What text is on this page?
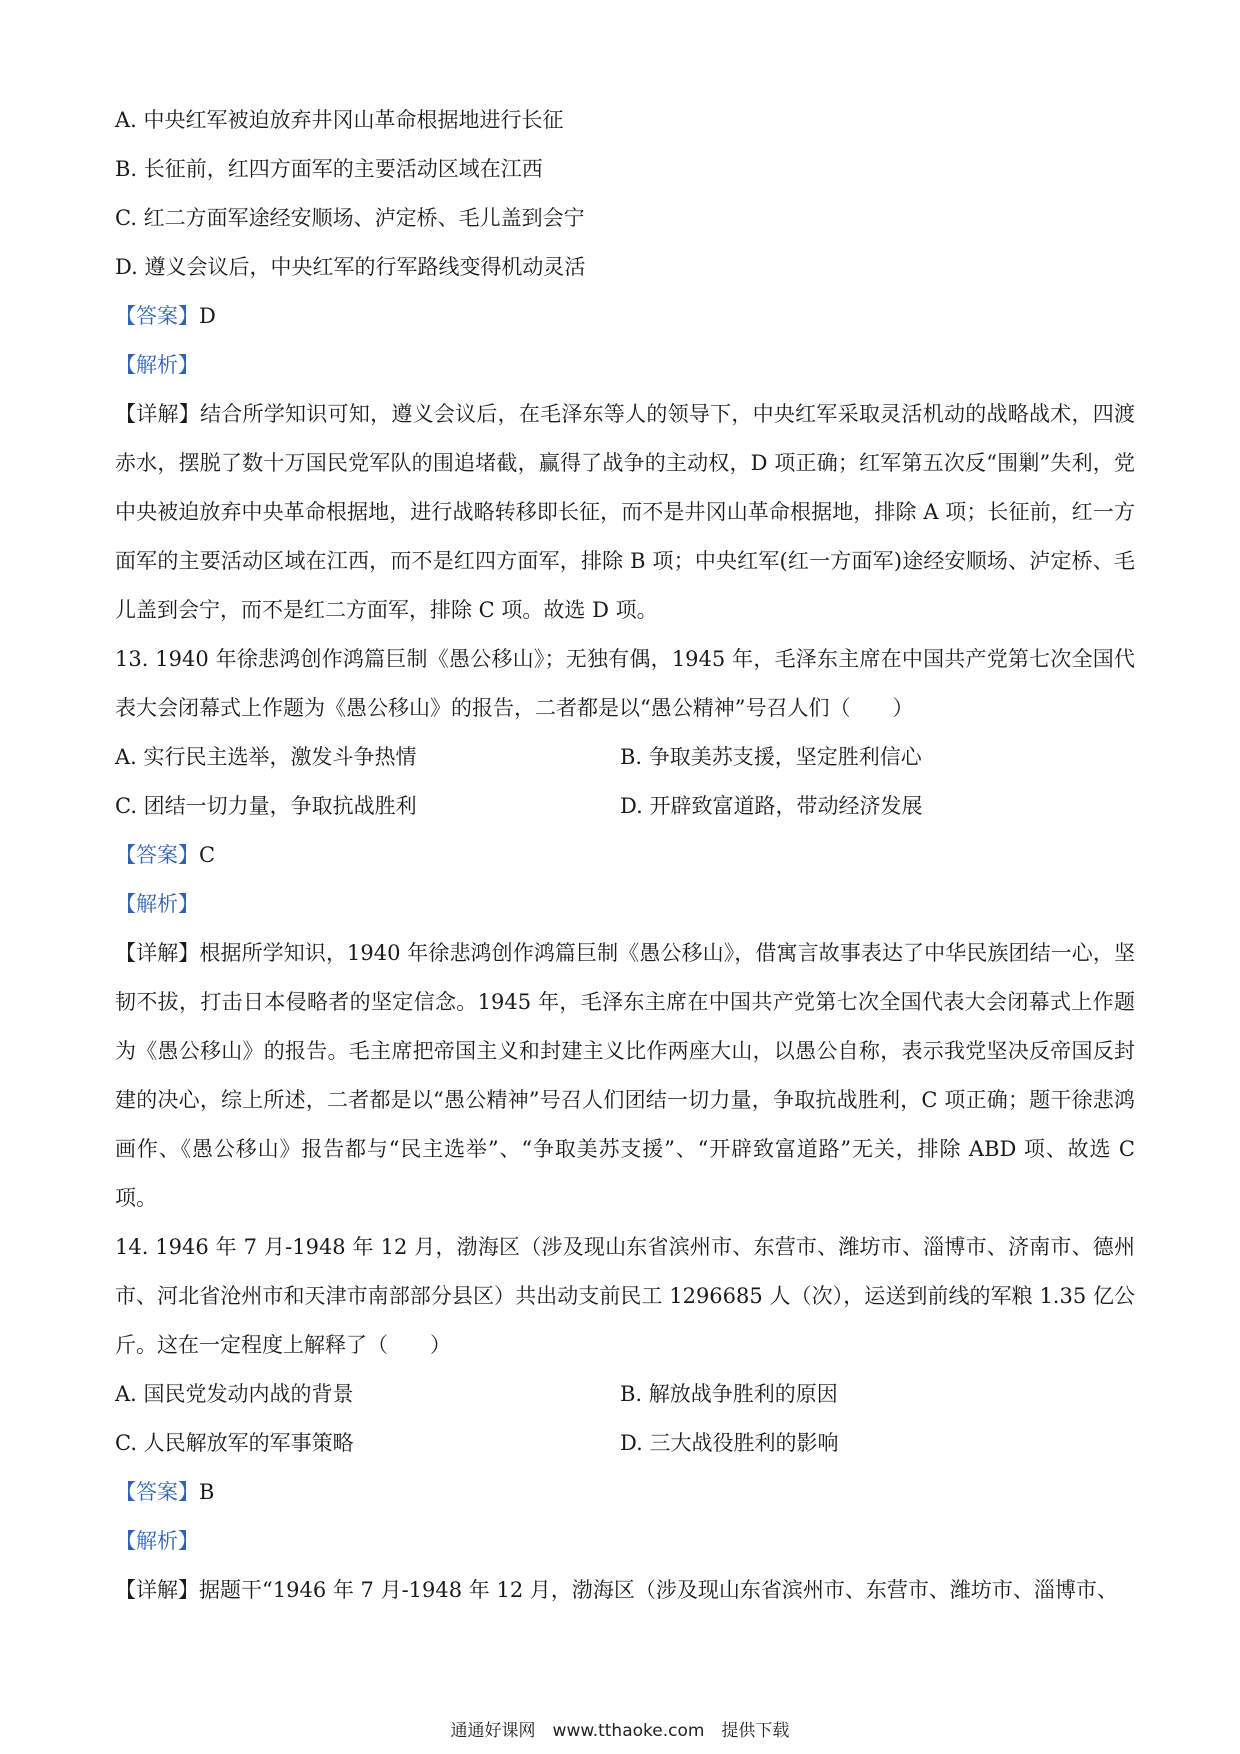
A. 中央红军被迫放弃井冈山革命根据地进行长征
B. 长征前，红四方面军的主要活动区域在江西
C. 红二方面军途经安顺场、泸定桥、毛儿盖到会宁
D. 遵义会议后，中央红军的行军路线变得机动灵活
【答案】D
【解析】
【详解】结合所学知识可知，遵义会议后，在毛泽东等人的领导下，中央红军采取灵活机动的战略战术，四渡赤水，摆脱了数十万国民党军队的围追堵截，赢得了战争的主动权，D 项正确；红军第五次反“围剿”失利，党中央被迫放弃中央革命根据地，进行战略转移即长征，而不是井冈山革命根据地，排除 A 项；长征前，红一方面军的主要活动区域在江西，而不是红四方面军，排除 B 项；中央红军(红一方面军)途经安顺场、泸定桥、毛儿盖到会宁，而不是红二方面军，排除 C 项。故选 D 项。
13. 1940 年徐悲鸿创作鸿篇巨制《愚公移山》；无独有偶，1945 年，毛泽东主席在中国共产党第七次全国代表大会闭幕式上作题为《愚公移山》的报告，二者都是以“愚公精神”号召人们（　　）
A. 实行民主选举，激发斗争热情	B. 争取美苏支援，坚定胜利信心
C. 团结一切力量，争取抗战胜利	D. 开辟致富道路，带动经济发展
【答案】C
【解析】
【详解】根据所学知识，1940 年徐悲鸿创作鸿篇巨制《愚公移山》，借寓言故事表达了中华民族团结一心，坚韧不拔，打击日本侵略者的坚定信念。1945 年，毛泽东主席在中国共产党第七次全国代表大会闭幕式上作题为《愚公移山》的报告。毛主席把帝国主义和封建主义比作两座大山，以愚公自称，表示我党坚决反帝国反封建的决心，综上所述，二者都是以“愚公精神”号召人们团结一切力量，争取抗战胜利，C 项正确；题干徐悲鸿画作、《愚公移山》报告都与“民主选举”、“争取美苏支援”、“开辟致富道路”无关，排除 ABD 项、故选 C 项。
14. 1946 年 7 月-1948 年 12 月，渤海区（涉及现山东省滨州市、东营市、潍坊市、淄博市、济南市、德州市、河北省沧州市和天津市南部部分县区）共出动支前民工 1296685 人（次），运送到前线的军粮 1.35 亿公斤。这在一定程度上解释了（　　）
A. 国民党发动内战的背景	B. 解放战争胜利的原因
C. 人民解放军的军事策略	D. 三大战役胜利的影响
【答案】B
【解析】
【详解】据题干“1946 年 7 月-1948 年 12 月，渤海区（涉及现山东省滨州市、东营市、潍坊市、淄博市、
通通好课网　www.tthaoke.com　提供下载
